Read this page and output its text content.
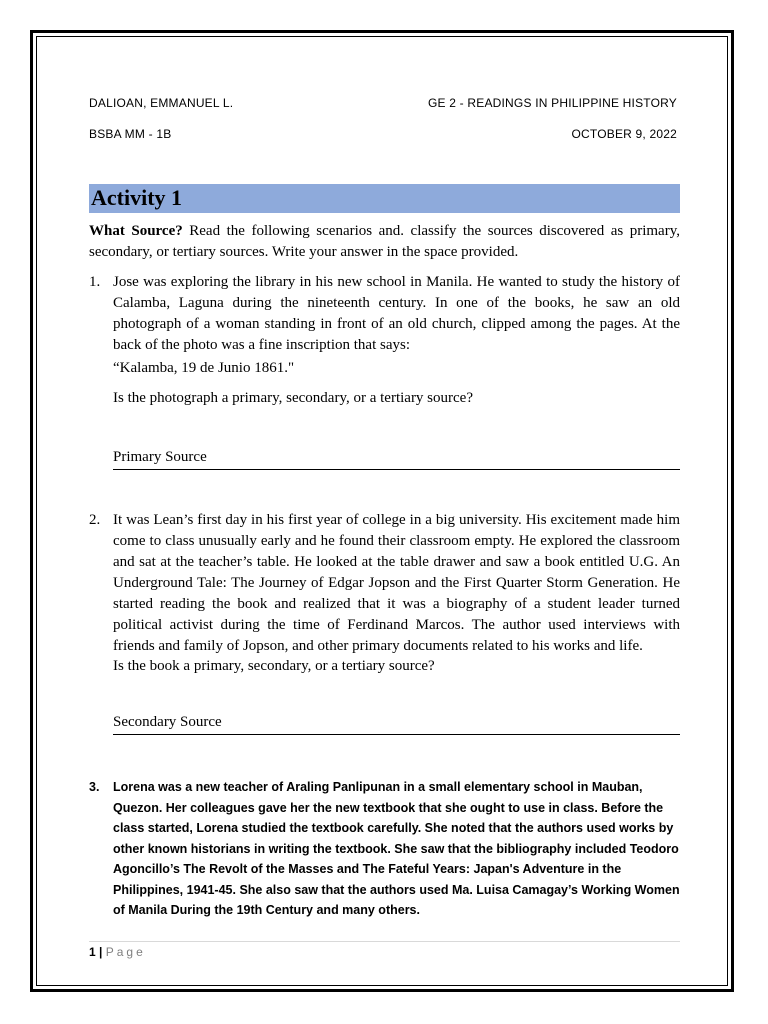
DALIOAN, EMMANUEL L.	GE 2 - READINGS IN PHILIPPINE HISTORY
BSBA MM - 1B	OCTOBER 9, 2022
Activity 1
What Source? Read the following scenarios and. classify the sources discovered as primary, secondary, or tertiary sources. Write your answer in the space provided.
1. Jose was exploring the library in his new school in Manila. He wanted to study the history of Calamba, Laguna during the nineteenth century. In one of the books, he saw an old photograph of a woman standing in front of an old church, clipped among the pages. At the back of the photo was a fine inscription that says:
“Kalamba, 19 de Junio 1861."
Is the photograph a primary, secondary, or a tertiary source?
Primary Source
2. It was Lean’s first day in his first year of college in a big university. His excitement made him come to class unusually early and he found their classroom empty. He explored the classroom and sat at the teacher’s table. He looked at the table drawer and saw a book entitled U.G. An Underground Tale: The Journey of Edgar Jopson and the First Quarter Storm Generation. He started reading the book and realized that it was a biography of a student leader turned political activist during the time of Ferdinand Marcos. The author used interviews with friends and family of Jopson, and other primary documents related to his works and life.
Is the book a primary, secondary, or a tertiary source?
Secondary Source
3. Lorena was a new teacher of Araling Panlipunan in a small elementary school in Mauban, Quezon. Her colleagues gave her the new textbook that she ought to use in class. Before the class started, Lorena studied the textbook carefully. She noted that the authors used works by other known historians in writing the textbook. She saw that the bibliography included Teodoro Agoncillo’s The Revolt of the Masses and The Fateful Years: Japan's Adventure in the Philippines, 1941-45. She also saw that the authors used Ma. Luisa Camagay’s Working Women of Manila During the 19th Century and many others.
1 | Page
